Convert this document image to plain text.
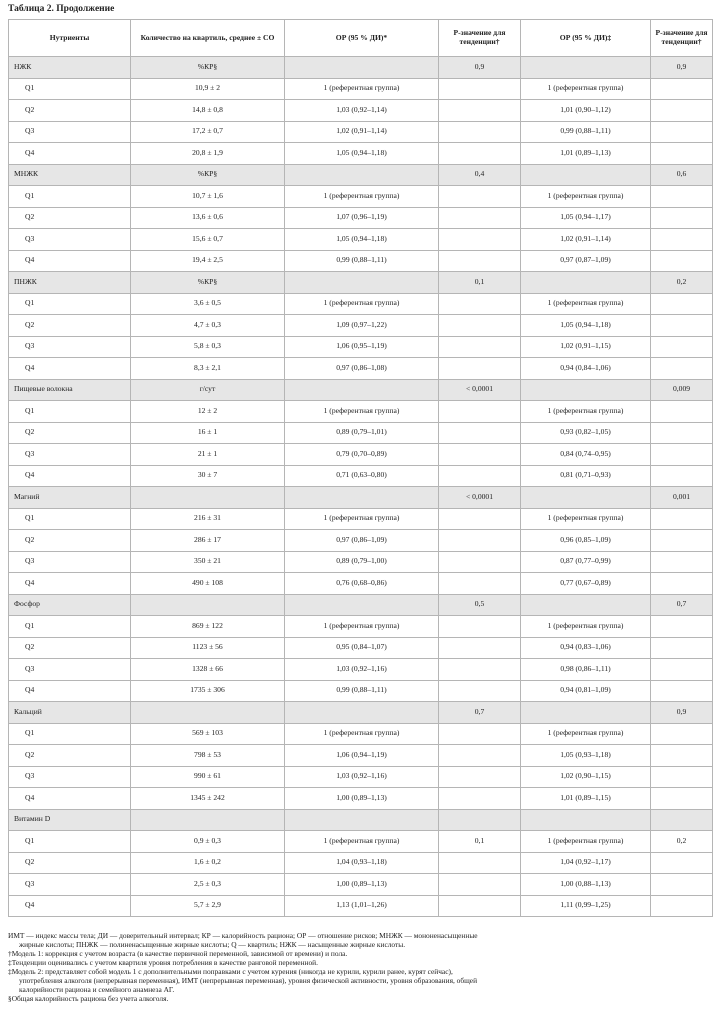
Таблица 2. Продолжение
Нутриенты	Количество на квартиль, среднее ± СО	ОР (95 % ДИ)*	P-значение для тенденции†	ОР (95 % ДИ)‡	P-значение для тенденции†
НЖК	%КР§		0,9		0,9
Q1	10,9 ± 2	1 (референтная группа)		1 (референтная группа)	
Q2	14,8 ± 0,8	1,03 (0,92–1,14)		1,01 (0,90–1,12)	
Q3	17,2 ± 0,7	1,02 (0,91–1,14)		0,99 (0,88–1,11)	
Q4	20,8 ± 1,9	1,05 (0,94–1,18)		1,01 (0,89–1,13)	
МНЖК	%КР§		0,4		0,6
Q1	10,7 ± 1,6	1 (референтная группа)		1 (референтная группа)	
Q2	13,6 ± 0,6	1,07 (0,96–1,19)		1,05 (0,94–1,17)	
Q3	15,6 ± 0,7	1,05 (0,94–1,18)		1,02 (0,91–1,14)	
Q4	19,4 ± 2,5	0,99 (0,88–1,11)		0,97 (0,87–1,09)	
ПНЖК	%КР§		0,1		0,2
Q1	3,6 ± 0,5	1 (референтная группа)		1 (референтная группа)	
Q2	4,7 ± 0,3	1,09 (0,97–1,22)		1,05 (0,94–1,18)	
Q3	5,8 ± 0,3	1,06 (0,95–1,19)		1,02 (0,91–1,15)	
Q4	8,3 ± 2,1	0,97 (0,86–1,08)		0,94 (0,84–1,06)	
Пищевые волокна	г/сут		< 0,0001		0,009
Q1	12 ± 2	1 (референтная группа)		1 (референтная группа)	
Q2	16 ± 1	0,89 (0,79–1,01)		0,93 (0,82–1,05)	
Q3	21 ± 1	0,79 (0,70–0,89)		0,84 (0,74–0,95)	
Q4	30 ± 7	0,71 (0,63–0,80)		0,81 (0,71–0,93)	
Магний			< 0,0001		0,001
Q1	216 ± 31	1 (референтная группа)		1 (референтная группа)	
Q2	286 ± 17	0,97 (0,86–1,09)		0,96 (0,85–1,09)	
Q3	350 ± 21	0,89 (0,79–1,00)		0,87 (0,77–0,99)	
Q4	490 ± 108	0,76 (0,68–0,86)		0,77 (0,67–0,89)	
Фосфор			0,5		0,7
Q1	869 ± 122	1 (референтная группа)		1 (референтная группа)	
Q2	1123 ± 56	0,95 (0,84–1,07)		0,94 (0,83–1,06)	
Q3	1328 ± 66	1,03 (0,92–1,16)		0,98 (0,86–1,11)	
Q4	1735 ± 306	0,99 (0,88–1,11)		0,94 (0,81–1,09)	
Кальций			0,7		0,9
Q1	569 ± 103	1 (референтная группа)		1 (референтная группа)	
Q2	798 ± 53	1,06 (0,94–1,19)		1,05 (0,93–1,18)	
Q3	990 ± 61	1,03 (0,92–1,16)		1,02 (0,90–1,15)	
Q4	1345 ± 242	1,00 (0,89–1,13)		1,01 (0,89–1,15)	
Витамин D					
Q1	0,9 ± 0,3	1 (референтная группа)	0,1	1 (референтная группа)	0,2
Q2	1,6 ± 0,2	1,04 (0,93–1,18)		1,04 (0,92–1,17)	
Q3	2,5 ± 0,3	1,00 (0,89–1,13)		1,00 (0,88–1,13)	
Q4	5,7 ± 2,9	1,13 (1,01–1,26)		1,11 (0,99–1,25)	
ИМТ — индекс массы тела; ДИ — доверительный интервал; КР — калорийность рациона; ОР — отношение рисков; МНЖК — мононенасыщенные
жирные кислоты; ПНЖК — полиненасыщенные жирные кислоты; Q — квартиль; НЖК — насыщенные жирные кислоты.
†Модель 1: коррекция с учетом возраста (в качестве первичной переменной, зависимой от времени) и пола.
‡Тенденции оценивались с учетом квартиля уровня потребления в качестве ранговой переменной.
‡Модель 2: представляет собой модель 1 с дополнительными поправками с учетом курения (никогда не курили, курили ранее, курят сейчас),
употребления алкоголя (непрерывная переменная), ИМТ (непрерывная переменная), уровня физической активности, уровня образования, общей
калорийности рациона и семейного анамнеза АГ.
§Общая калорийность рациона без учета алкоголя.
